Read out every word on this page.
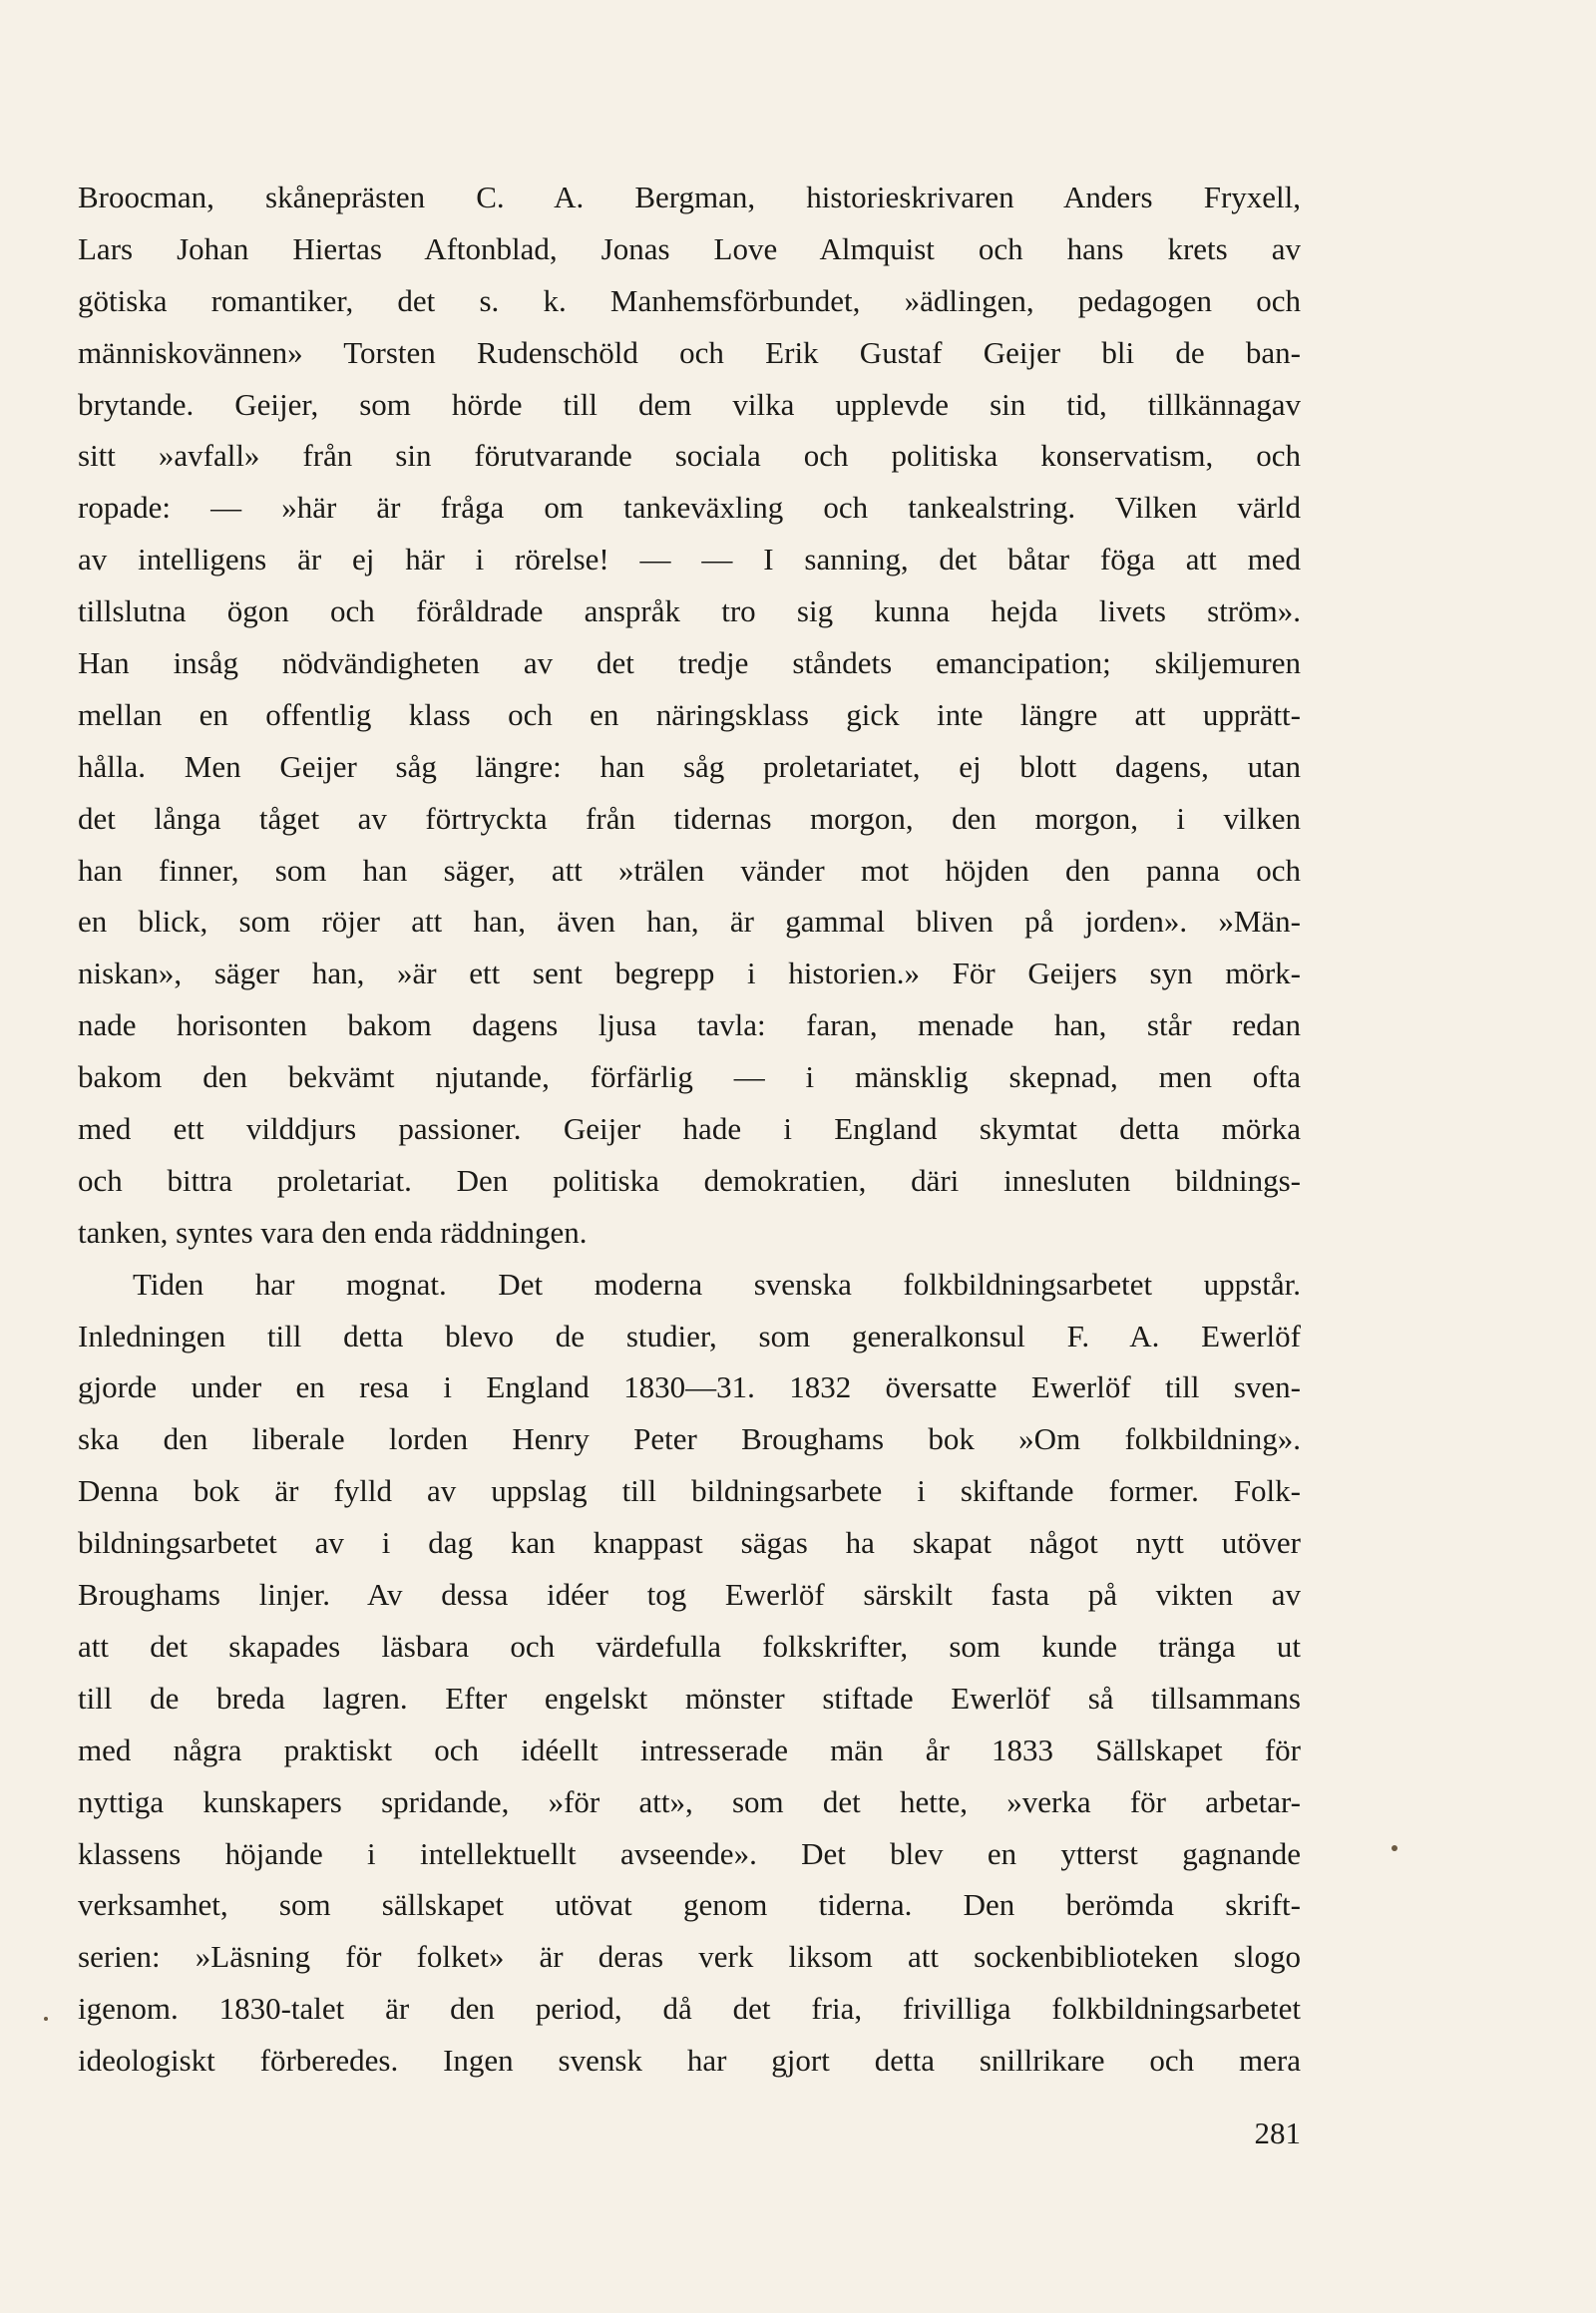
Broocman, skåneprästen C. A. Bergman, historieskrivaren Anders Fryxell,
Lars Johan Hiertas Aftonblad, Jonas Love Almquist och hans krets av
götiska romantiker, det s. k. Manhemsförbundet, »ädlingen, pedagogen och
människovännen» Torsten Rudenschöld och Erik Gustaf Geijer bli de ban-
brytande. Geijer, som hörde till dem vilka upplevde sin tid, tillkännagav
sitt »avfall» från sin förutvarande sociala och politiska konservatism, och
ropade: — »här är fråga om tankeväxling och tankealstring. Vilken värld
av intelligens är ej här i rörelse! — — I sanning, det båtar föga att med
tillslutna ögon och föråldrade anspråk tro sig kunna hejda livets ström».
Han insåg nödvändigheten av det tredje ståndets emancipation; skiljemuren
mellan en offentlig klass och en näringsklass gick inte längre att upprätt-
hålla. Men Geijer såg längre: han såg proletariatet, ej blott dagens, utan
det långa tåget av förtryckta från tidernas morgon, den morgon, i vilken
han finner, som han säger, att »trälen vänder mot höjden den panna och
en blick, som röjer att han, även han, är gammal bliven på jorden». »Män-
niskan», säger han, »är ett sent begrepp i historien.» För Geijers syn mörk-
nade horisonten bakom dagens ljusa tavla: faran, menade han, står redan
bakom den bekvämt njutande, förfärlig — i mänsklig skepnad, men ofta
med ett vilddjurs passioner. Geijer hade i England skymtat detta mörka
och bittra proletariat. Den politiska demokratien, däri innesluten bildnings-
tanken, syntes vara den enda räddningen.
Tiden har mognat. Det moderna svenska folkbildningsarbetet uppstår.
Inledningen till detta blevo de studier, som generalkonsul F. A. Ewerlöf
gjorde under en resa i England 1830—31. 1832 översatte Ewerlöf till sven-
ska den liberale lorden Henry Peter Broughams bok »Om folkbildning».
Denna bok är fylld av uppslag till bildningsarbete i skiftande former. Folk-
bildningsarbetet av i dag kan knappast sägas ha skapat något nytt utöver
Broughams linjer. Av dessa idéer tog Ewerlöf särskilt fasta på vikten av
att det skapades läsbara och värdefulla folkskrifter, som kunde tränga ut
till de breda lagren. Efter engelskt mönster stiftade Ewerlöf så tillsammans
med några praktiskt och idéellt intresserade män år 1833 Sällskapet för
nyttiga kunskapers spridande, »för att», som det hette, »verka för arbetar-
klassens höjande i intellektuellt avseende». Det blev en ytterst gagnande
verksamhet, som sällskapet utövat genom tiderna. Den berömda skrift-
serien: »Läsning för folket» är deras verk liksom att sockenbiblioteken slogo
igenom. 1830-talet är den period, då det fria, frivilliga folkbildningsarbetet
ideologiskt förberedes. Ingen svensk har gjort detta snillrikare och mera
281
